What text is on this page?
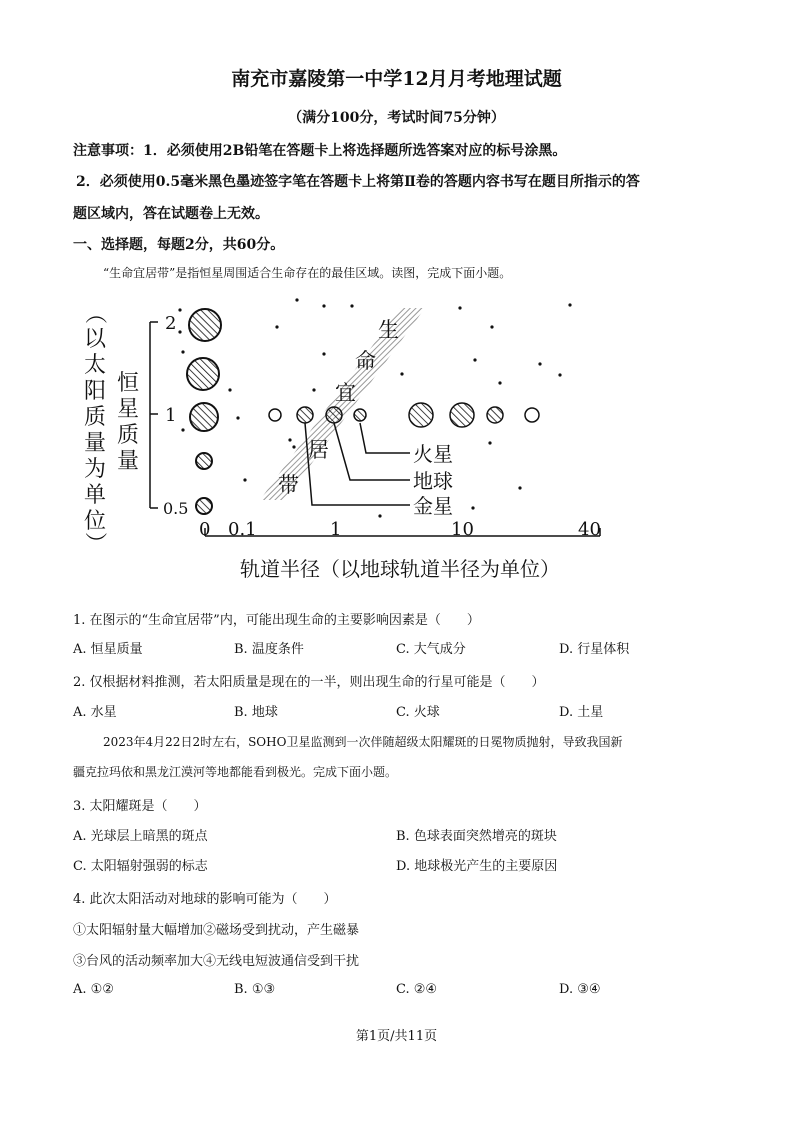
南充市嘉陵第一中学12月月考地理试题
（满分100分，考试时间75分钟）
注意事项：1．必须使用2B铅笔在答题卡上将选择题所选答案对应的标号涂黑。
2．必须使用0.5毫米黑色墨迹签字笔在答题卡上将第Ⅱ卷的答题内容书写在题目所指示的答
题区域内，答在试题卷上无效。
一、选择题，每题2分，共60分。
“生命宜居带”是指恒星周围适合生命存在的最佳区域。读图，完成下面小题。
（
以
太
阳
质
量
为
单
位
）
恒
星
质
量
2
1
0.5
火星
地球
金星
生
命
宜
居
带
0 0.1	1	10	40
轨道半径（以地球轨道半径为单位）
1. 在图示的“生命宜居带”内，可能出现生命的主要影响因素是（　　）
A. 恒星质量	B. 温度条件	C. 大气成分	D. 行星体积
2. 仅根据材料推测，若太阳质量是现在的一半，则出现生命的行星可能是（　　）
A. 水星	B. 地球	C. 火球	D. 土星
2023年4月22日2时左右，SOHO卫星监测到一次伴随超级太阳耀斑的日冕物质抛射，导致我国新
疆克拉玛依和黑龙江漠河等地都能看到极光。完成下面小题。
3. 太阳耀斑是（　　）
A. 光球层上暗黑的斑点	B. 色球表面突然增亮的斑块
C. 太阳辐射强弱的标志	D. 地球极光产生的主要原因
4. 此次太阳活动对地球的影响可能为（　　）
①太阳辐射量大幅增加②磁场受到扰动，产生磁暴
③台风的活动频率加大④无线电短波通信受到干扰
A. ①②	B. ①③	C. ②④	D. ③④
第1页/共11页
